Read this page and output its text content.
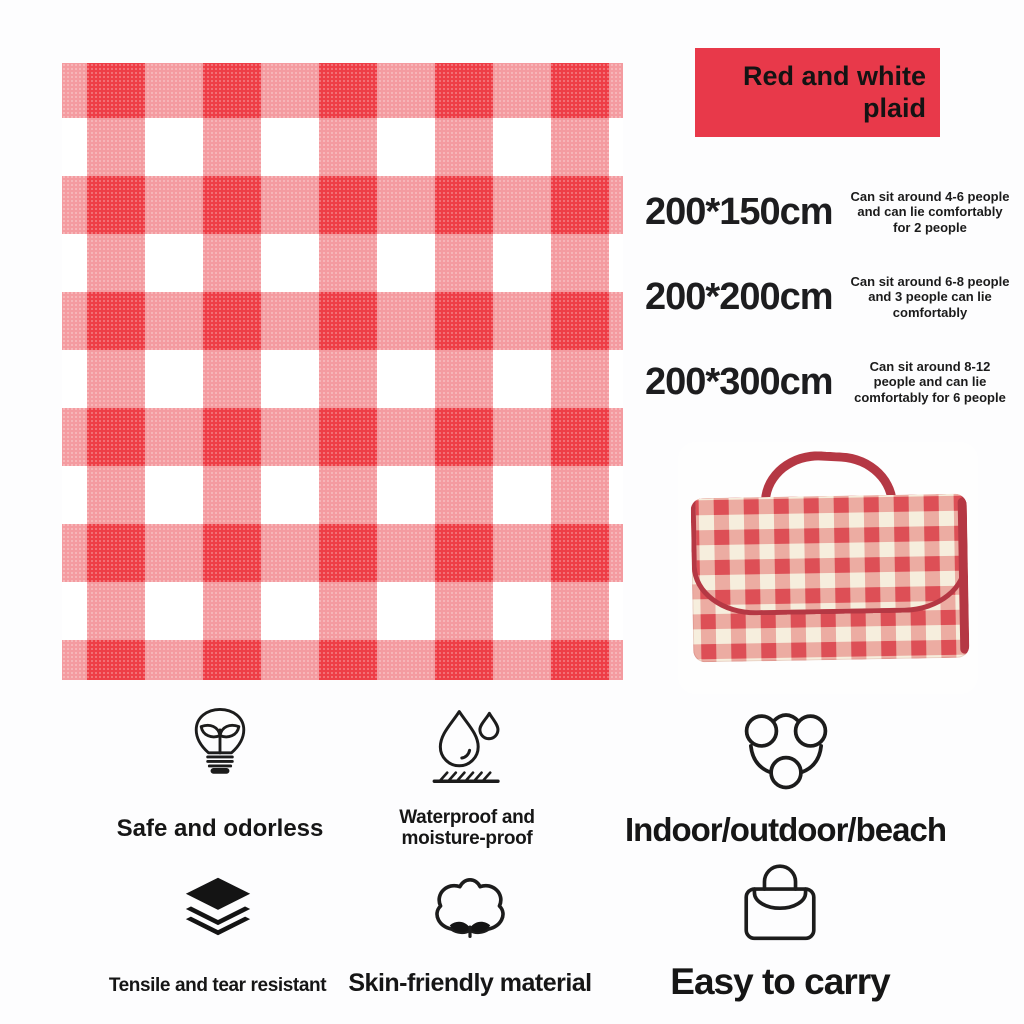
Red and white
plaid
200*150cm	Can sit around 4-6 people and can lie comfortably for 2 people
200*200cm	Can sit around 6-8 people and 3 people can lie comfortably
200*300cm	Can sit around 8-12 people and can lie comfortably for 6 people
Safe and odorless	Waterproof and moisture-proof	Indoor/outdoor/beach
Tensile and tear resistant Skin-friendly material Easy to carry
